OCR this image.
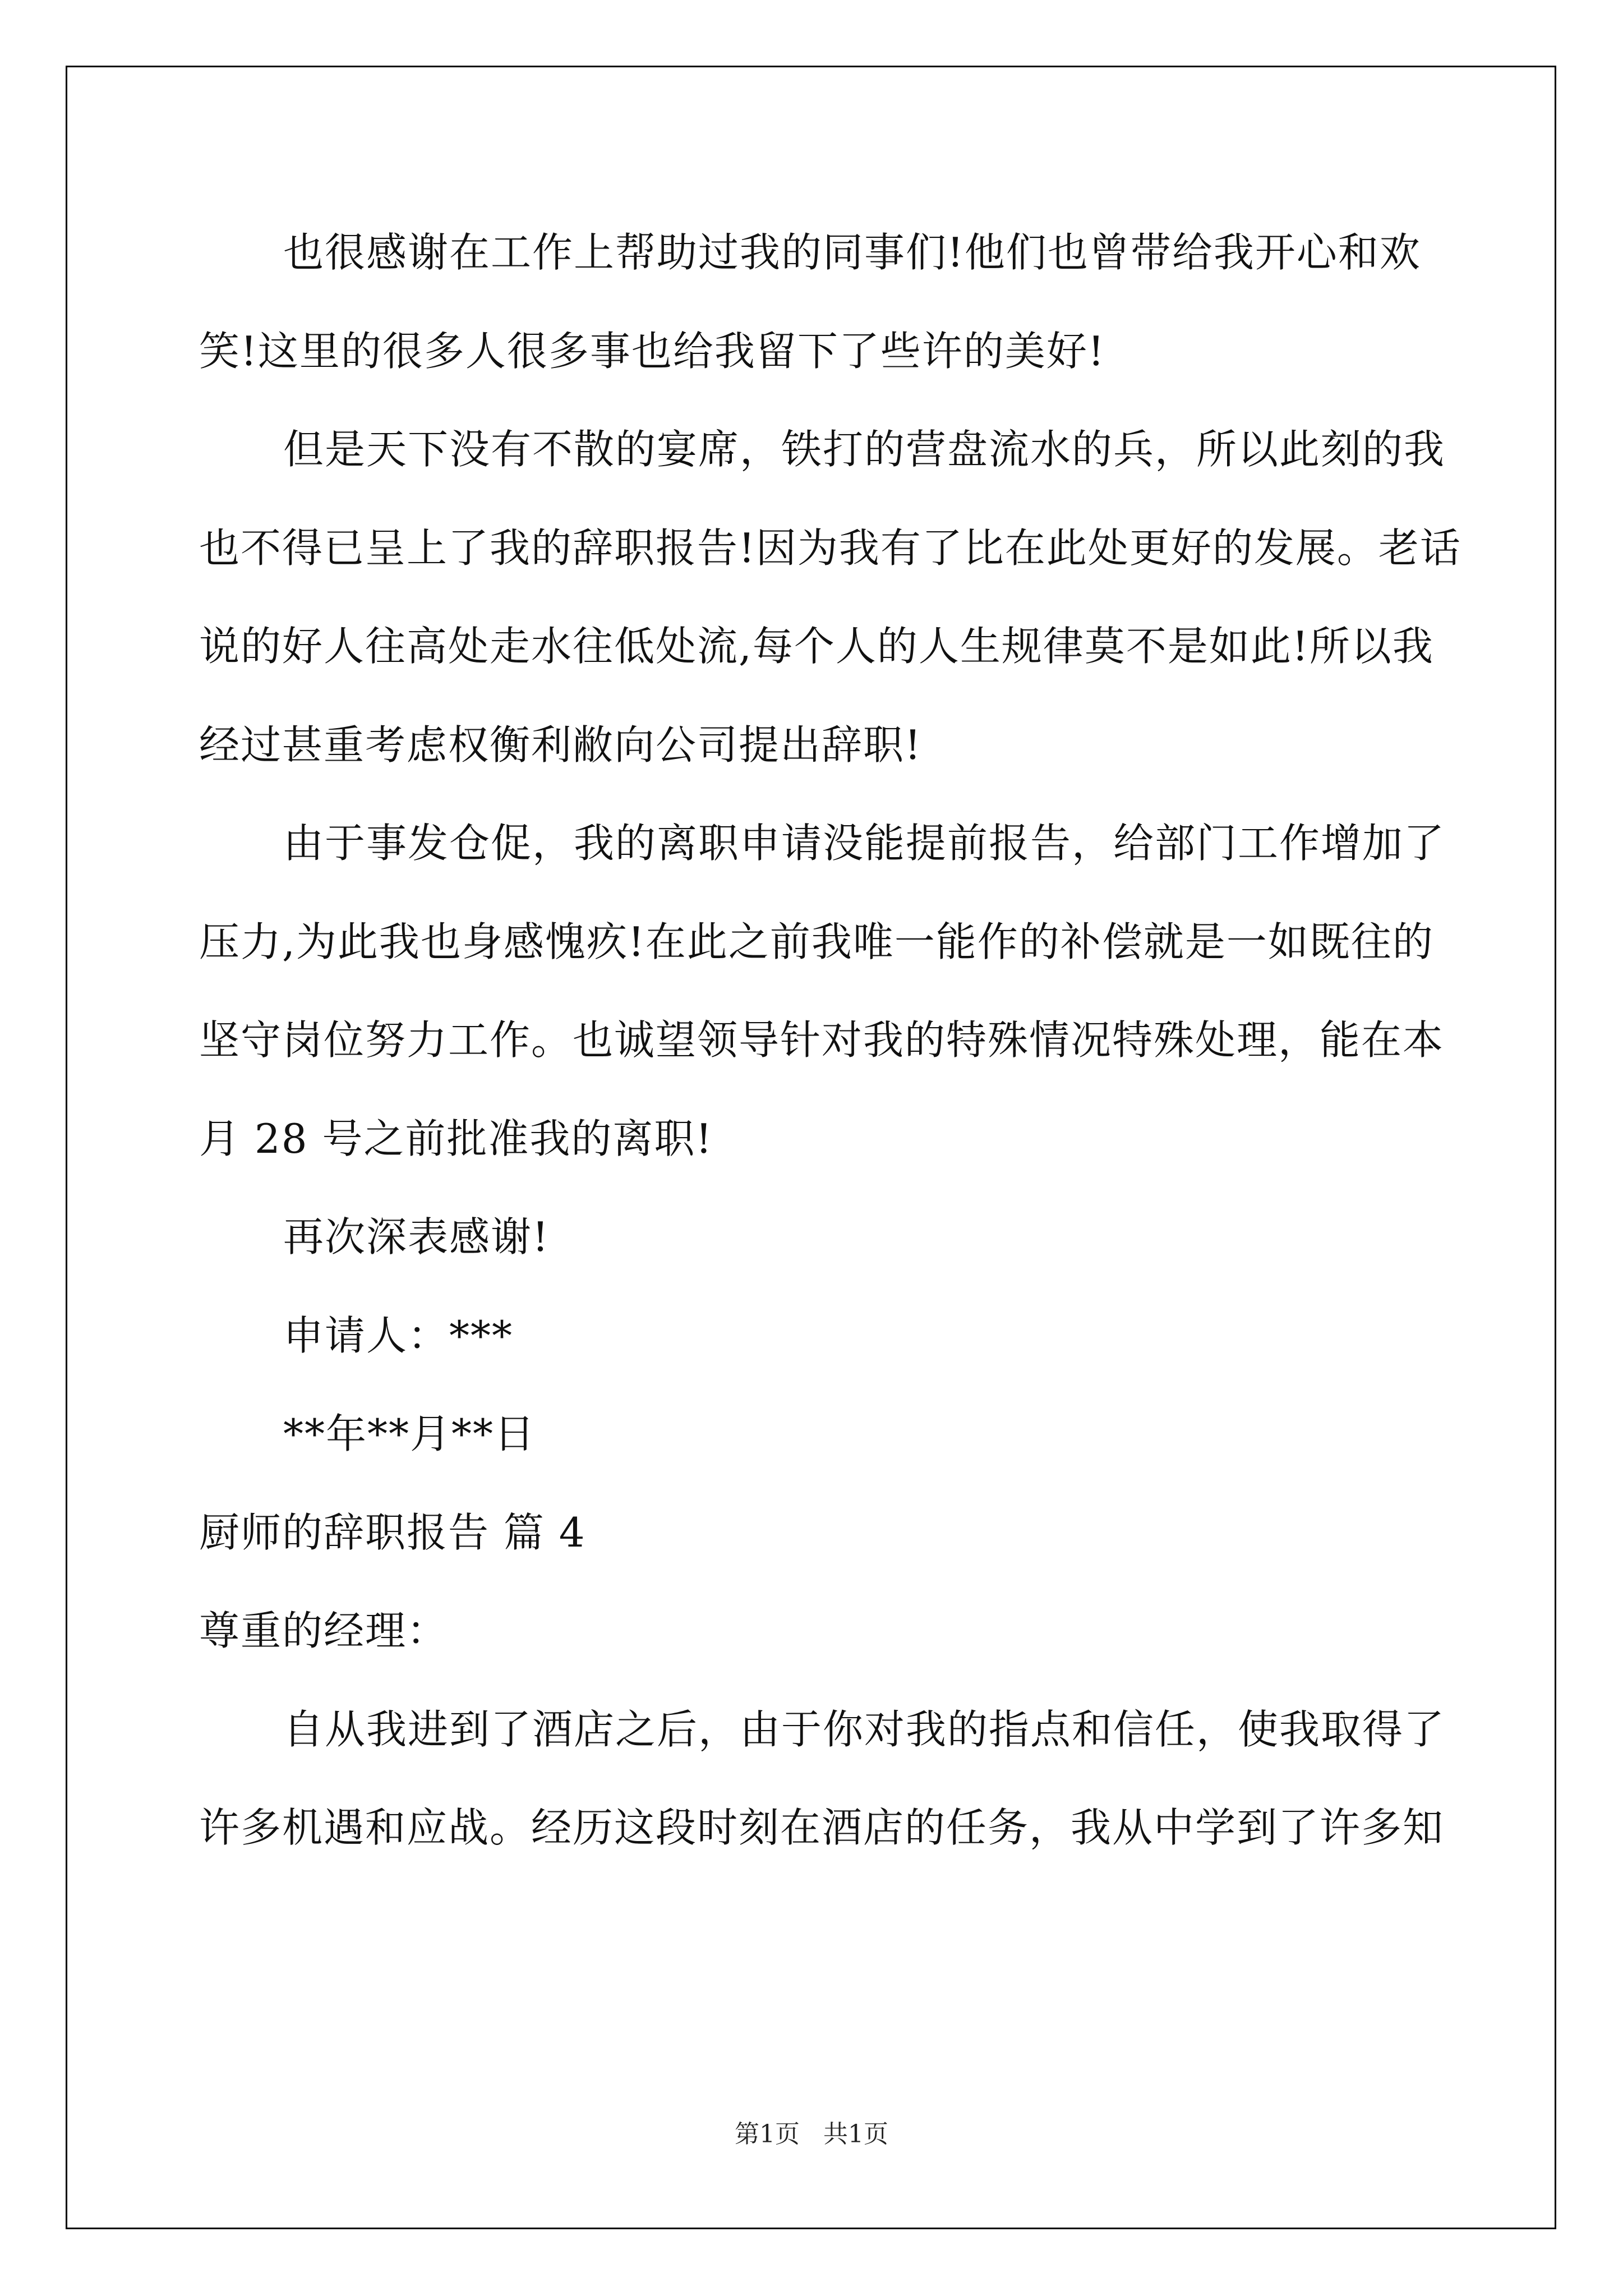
也很感谢在工作上帮助过我的同事们!他们也曾带给我开心和欢
笑!这里的很多人很多事也给我留下了些许的美好!
但是天下没有不散的宴席，铁打的营盘流水的兵，所以此刻的我
也不得已呈上了我的辞职报告!因为我有了比在此处更好的发展。老话
说的好人往高处走水往低处流,每个人的人生规律莫不是如此!所以我
经过甚重考虑权衡利敝向公司提出辞职!
由于事发仓促，我的离职申请没能提前报告，给部门工作增加了
压力,为此我也身感愧疚!在此之前我唯一能作的补偿就是一如既往的
坚守岗位努力工作。也诚望领导针对我的特殊情况特殊处理，能在本
月 28 号之前批准我的离职!
再次深表感谢!
申请人：***
**年**月**日
厨师的辞职报告 篇 4
尊重的经理：
自从我进到了酒店之后，由于你对我的指点和信任，使我取得了
许多机遇和应战。经历这段时刻在酒店的任务，我从中学到了许多知
第1页   共1页
